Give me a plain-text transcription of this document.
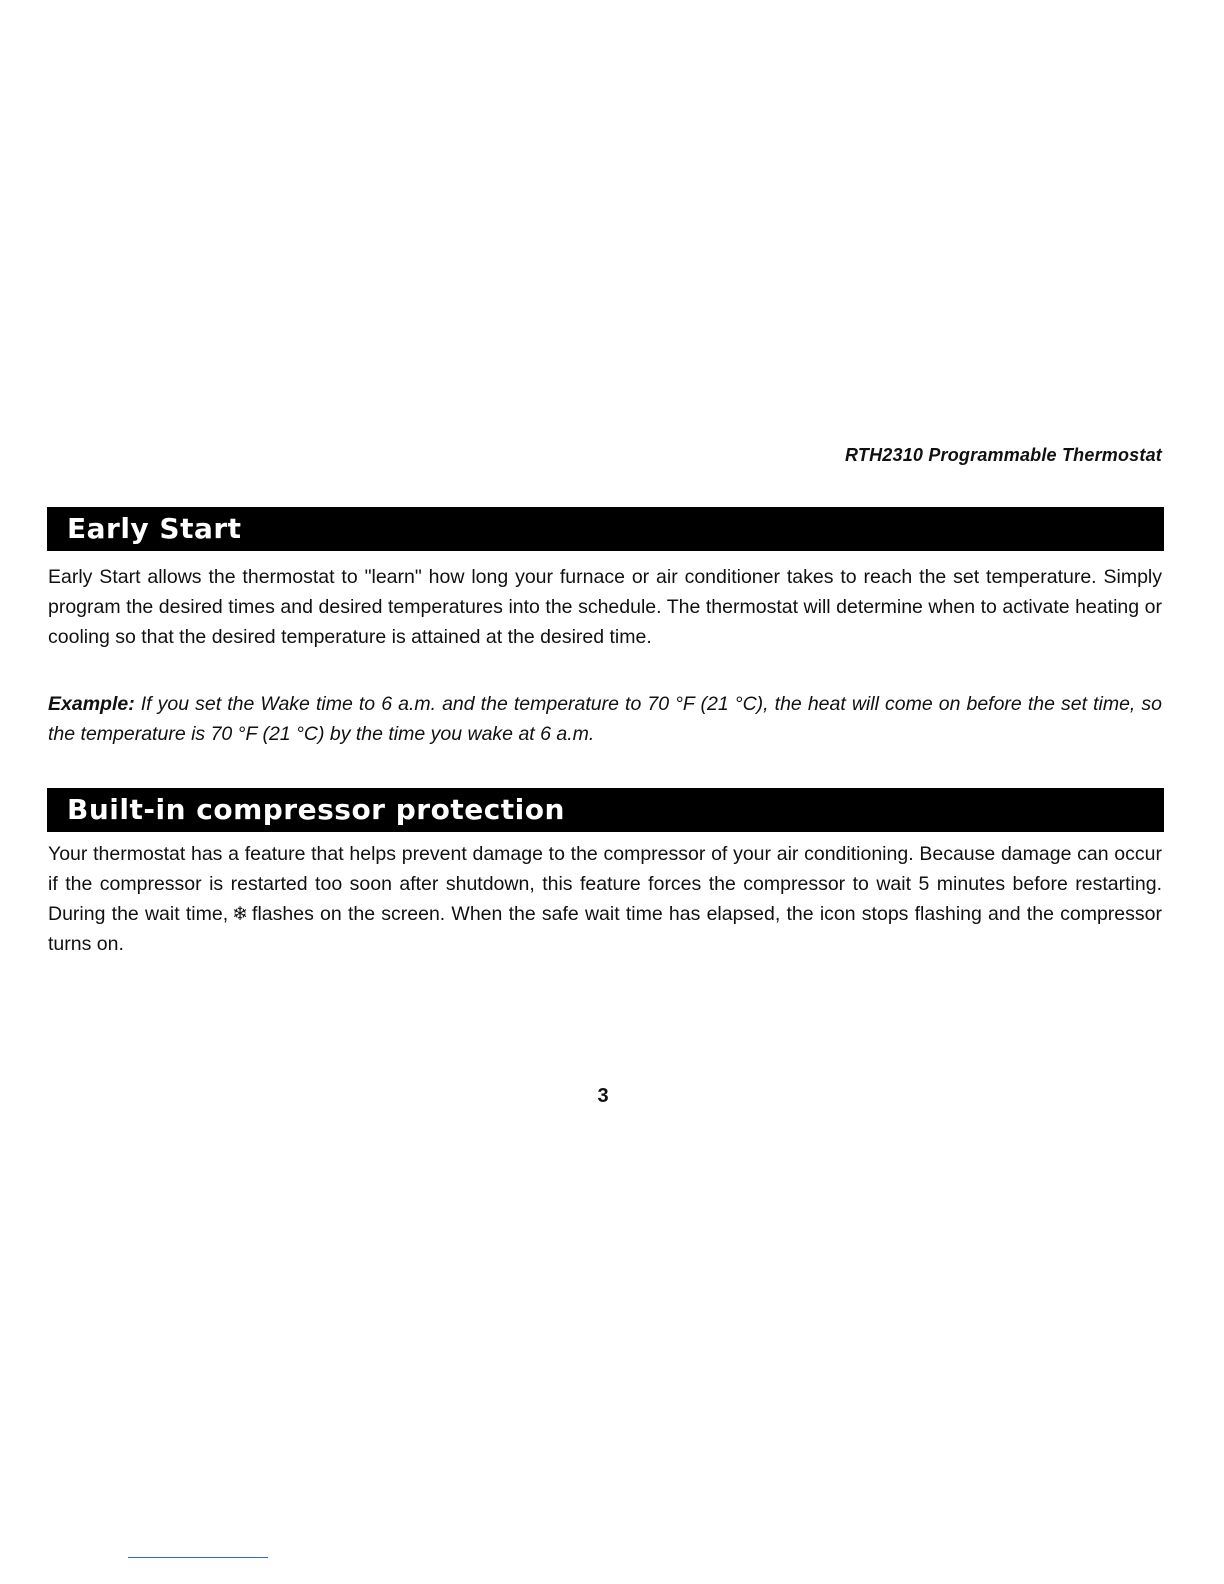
RTH2310 Programmable Thermostat
Early Start

Early Start allows the thermostat to "learn" how long your furnace or air conditioner takes to reach the set temperature. Simply program the desired times and desired temperatures into the schedule. The thermostat will determine when to activate heating or cooling so that the desired temperature is attained at the desired time.

Example: If you set the Wake time to 6 a.m. and the temperature to 70 °F (21 °C), the heat will come on before the set time, so the temperature is 70 °F (21 °C) by the time you wake at 6 a.m.

Built-in compressor protection

Your thermostat has a feature that helps prevent damage to the compressor of your air conditioning. Because damage can occur if the compressor is restarted too soon after shutdown, this feature forces the compressor to wait 5 minutes before restarting. During the wait time, ❄ flashes on the screen. When the safe wait time has elapsed, the icon stops flashing and the compressor turns on.

3
